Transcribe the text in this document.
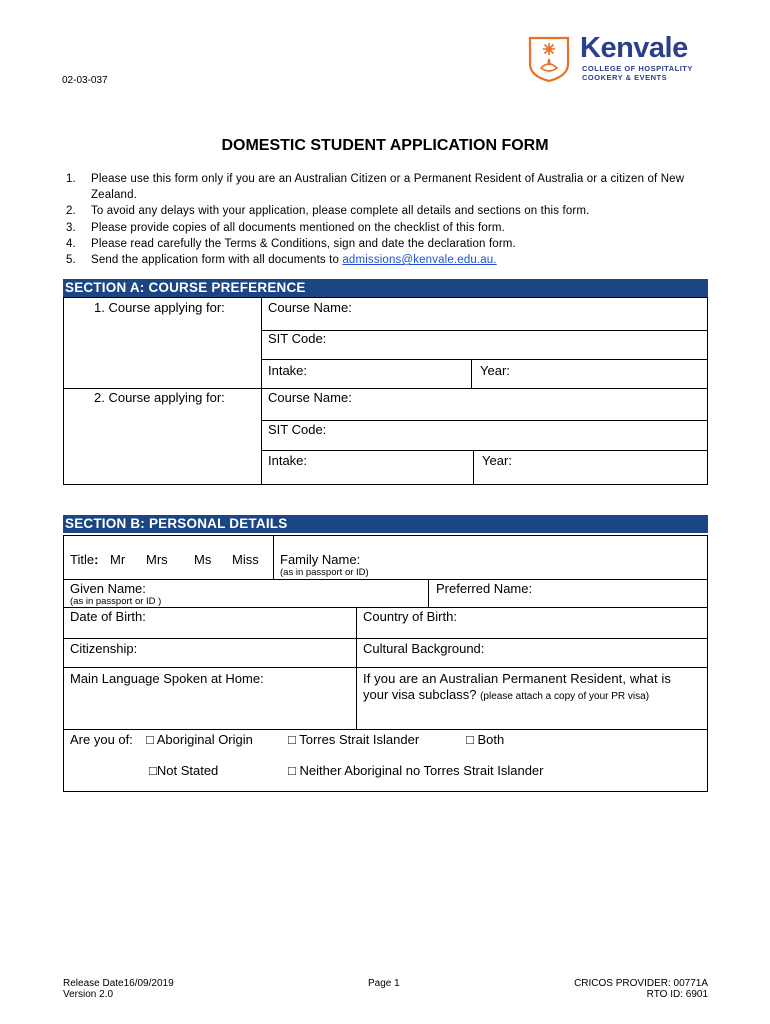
02-03-037
Kenvale
COLLEGE OF HOSPITALITY
COOKERY & EVENTS
DOMESTIC STUDENT APPLICATION FORM
1. Please use this form only if you are an Australian Citizen or a Permanent Resident of Australia or a citizen of New Zealand.
2. To avoid any delays with your application, please complete all details and sections on this form.
3. Please provide copies of all documents mentioned on the checklist of this form.
4. Please read carefully the Terms & Conditions, sign and date the declaration form.
5. Send the application form with all documents to admissions@kenvale.edu.au.
SECTION A: COURSE PREFERENCE
1. Course applying for:	Course Name:
SIT Code:
Intake:	Year:
2. Course applying for:	Course Name:
SIT Code:
Intake:	Year:
SECTION B: PERSONAL DETAILS
Title: Mr Mrs Ms Miss Family Name:
(as in passport or ID)
Given Name:
(as in passport or ID )
Preferred Name:
Date of Birth:	Country of Birth:
Citizenship:	Cultural Background:
Main Language Spoken at Home:	If you are an Australian Permanent Resident, what is
your visa subclass? (please attach a copy of your PR visa)
Are you of: □ Aboriginal Origin	□ Torres Strait Islander	□ Both
□Not Stated	□ Neither Aboriginal no Torres Strait Islander
Release Date16/09/2019
Version 2.0
Page 1	CRICOS PROVIDER: 00771A
RTO ID: 6901
